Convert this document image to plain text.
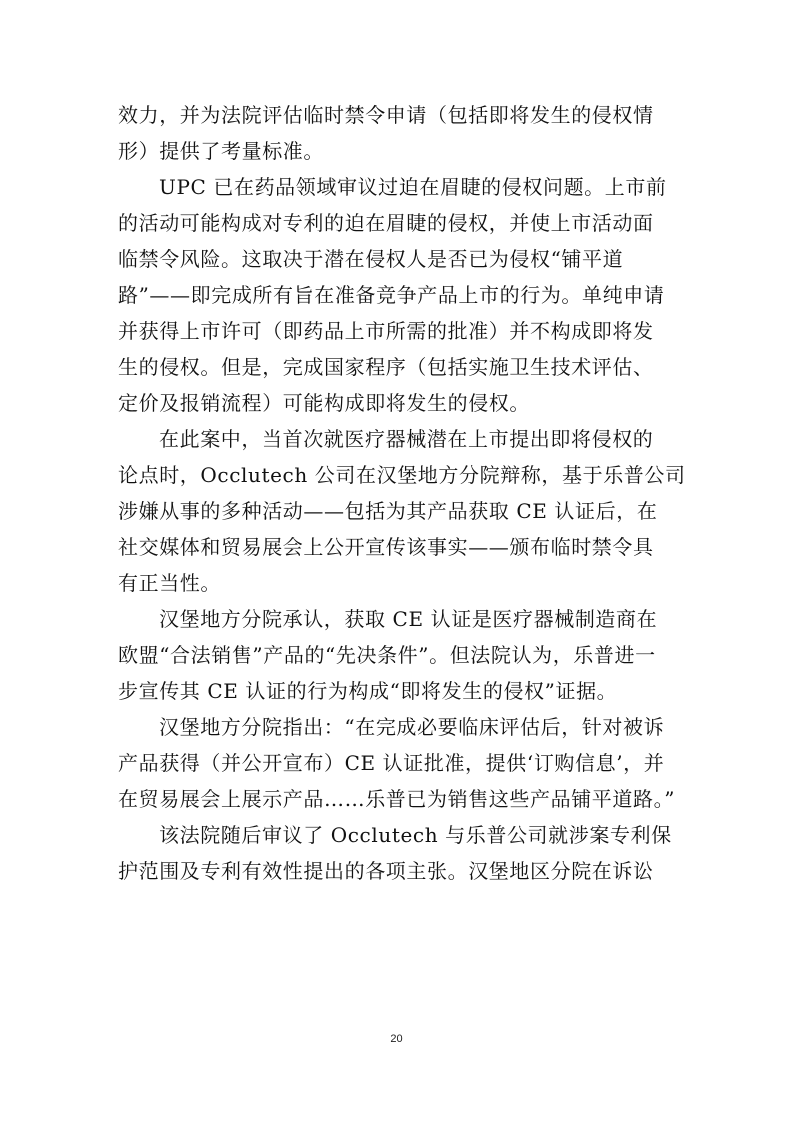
效力，并为法院评估临时禁令申请（包括即将发生的侵权情
形）提供了考量标准。
UPC 已在药品领域审议过迫在眉睫的侵权问题。上市前
的活动可能构成对专利的迫在眉睫的侵权，并使上市活动面
临禁令风险。这取决于潜在侵权人是否已为侵权“铺平道
路”——即完成所有旨在准备竞争产品上市的行为。单纯申请
并获得上市许可（即药品上市所需的批准）并不构成即将发
生的侵权。但是，完成国家程序（包括实施卫生技术评估、
定价及报销流程）可能构成即将发生的侵权。
在此案中，当首次就医疗器械潜在上市提出即将侵权的
论点时，Occlutech 公司在汉堡地方分院辩称，基于乐普公司
涉嫌从事的多种活动——包括为其产品获取 CE 认证后，在
社交媒体和贸易展会上公开宣传该事实——颁布临时禁令具
有正当性。
汉堡地方分院承认，获取 CE 认证是医疗器械制造商在
欧盟“合法销售”产品的“先决条件”。但法院认为，乐普进一
步宣传其 CE 认证的行为构成“即将发生的侵权”证据。
汉堡地方分院指出：“在完成必要临床评估后，针对被诉
产品获得（并公开宣布）CE 认证批准，提供‘订购信息’，并
在贸易展会上展示产品……乐普已为销售这些产品铺平道路。”
该法院随后审议了 Occlutech 与乐普公司就涉案专利保
护范围及专利有效性提出的各项主张。汉堡地区分院在诉讼
20
